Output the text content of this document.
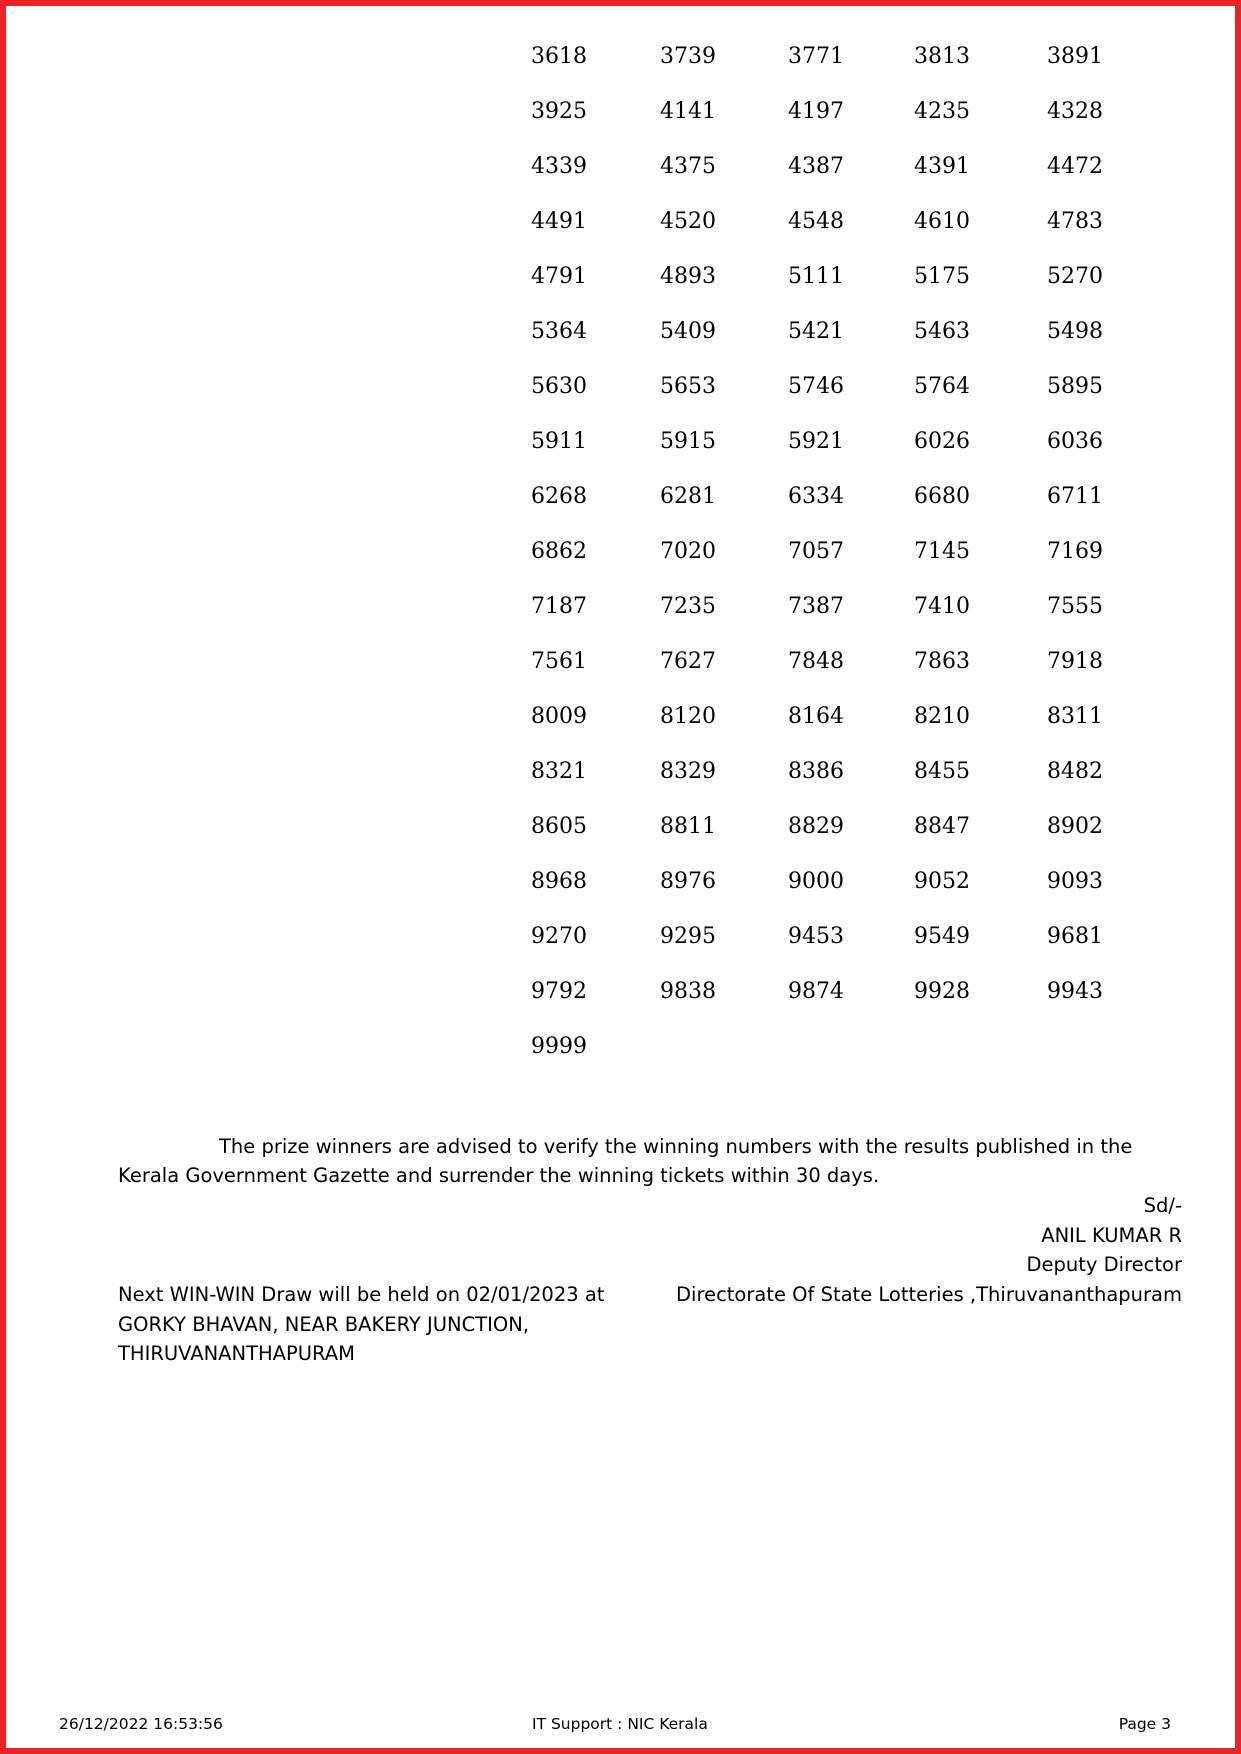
3618	3739	3771	3813	3891
3925	4141	4197	4235	4328
4339	4375	4387	4391	4472
4491	4520	4548	4610	4783
4791	4893	5111	5175	5270
5364	5409	5421	5463	5498
5630	5653	5746	5764	5895
5911	5915	5921	6026	6036
6268	6281	6334	6680	6711
6862	7020	7057	7145	7169
7187	7235	7387	7410	7555
7561	7627	7848	7863	7918
8009	8120	8164	8210	8311
8321	8329	8386	8455	8482
8605	8811	8829	8847	8902
8968	8976	9000	9052	9093
9270	9295	9453	9549	9681
9792	9838	9874	9928	9943
9999

The prize winners are advised to verify the winning numbers with the results published in the Kerala Government Gazette and surrender the winning tickets within 30 days.

Sd/-
ANIL KUMAR R
Deputy Director
Directorate Of State Lotteries ,Thiruvananthapuram
Next WIN-WIN Draw will be held on 02/01/2023 at
GORKY BHAVAN, NEAR BAKERY JUNCTION,
THIRUVANANTHAPURAM
26/12/2022 16:53:56	IT Support : NIC Kerala	Page 3
